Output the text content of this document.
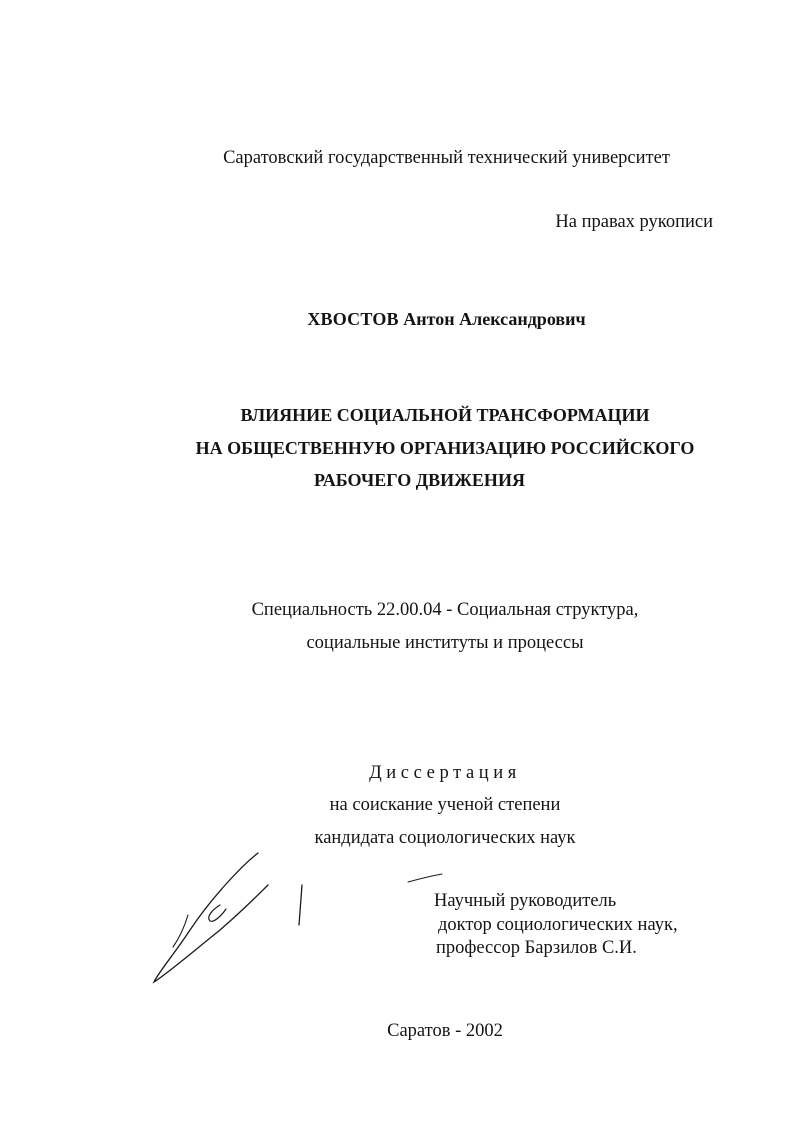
Саратовский государственный технический университет
На правах рукописи
ХВОСТОВ Антон Александрович
ВЛИЯНИЕ СОЦИАЛЬНОЙ ТРАНСФОРМАЦИИ
НА ОБЩЕСТВЕННУЮ ОРГАНИЗАЦИЮ РОССИЙСКОГО
РАБОЧЕГО ДВИЖЕНИЯ
Специальность 22.00.04 - Социальная структура,
социальные институты и процессы
Диссертация
на соискание ученой степени
кандидата социологических наук
Научный руководитель
доктор социологических наук,
профессор Барзилов С.И.
Саратов - 2002
